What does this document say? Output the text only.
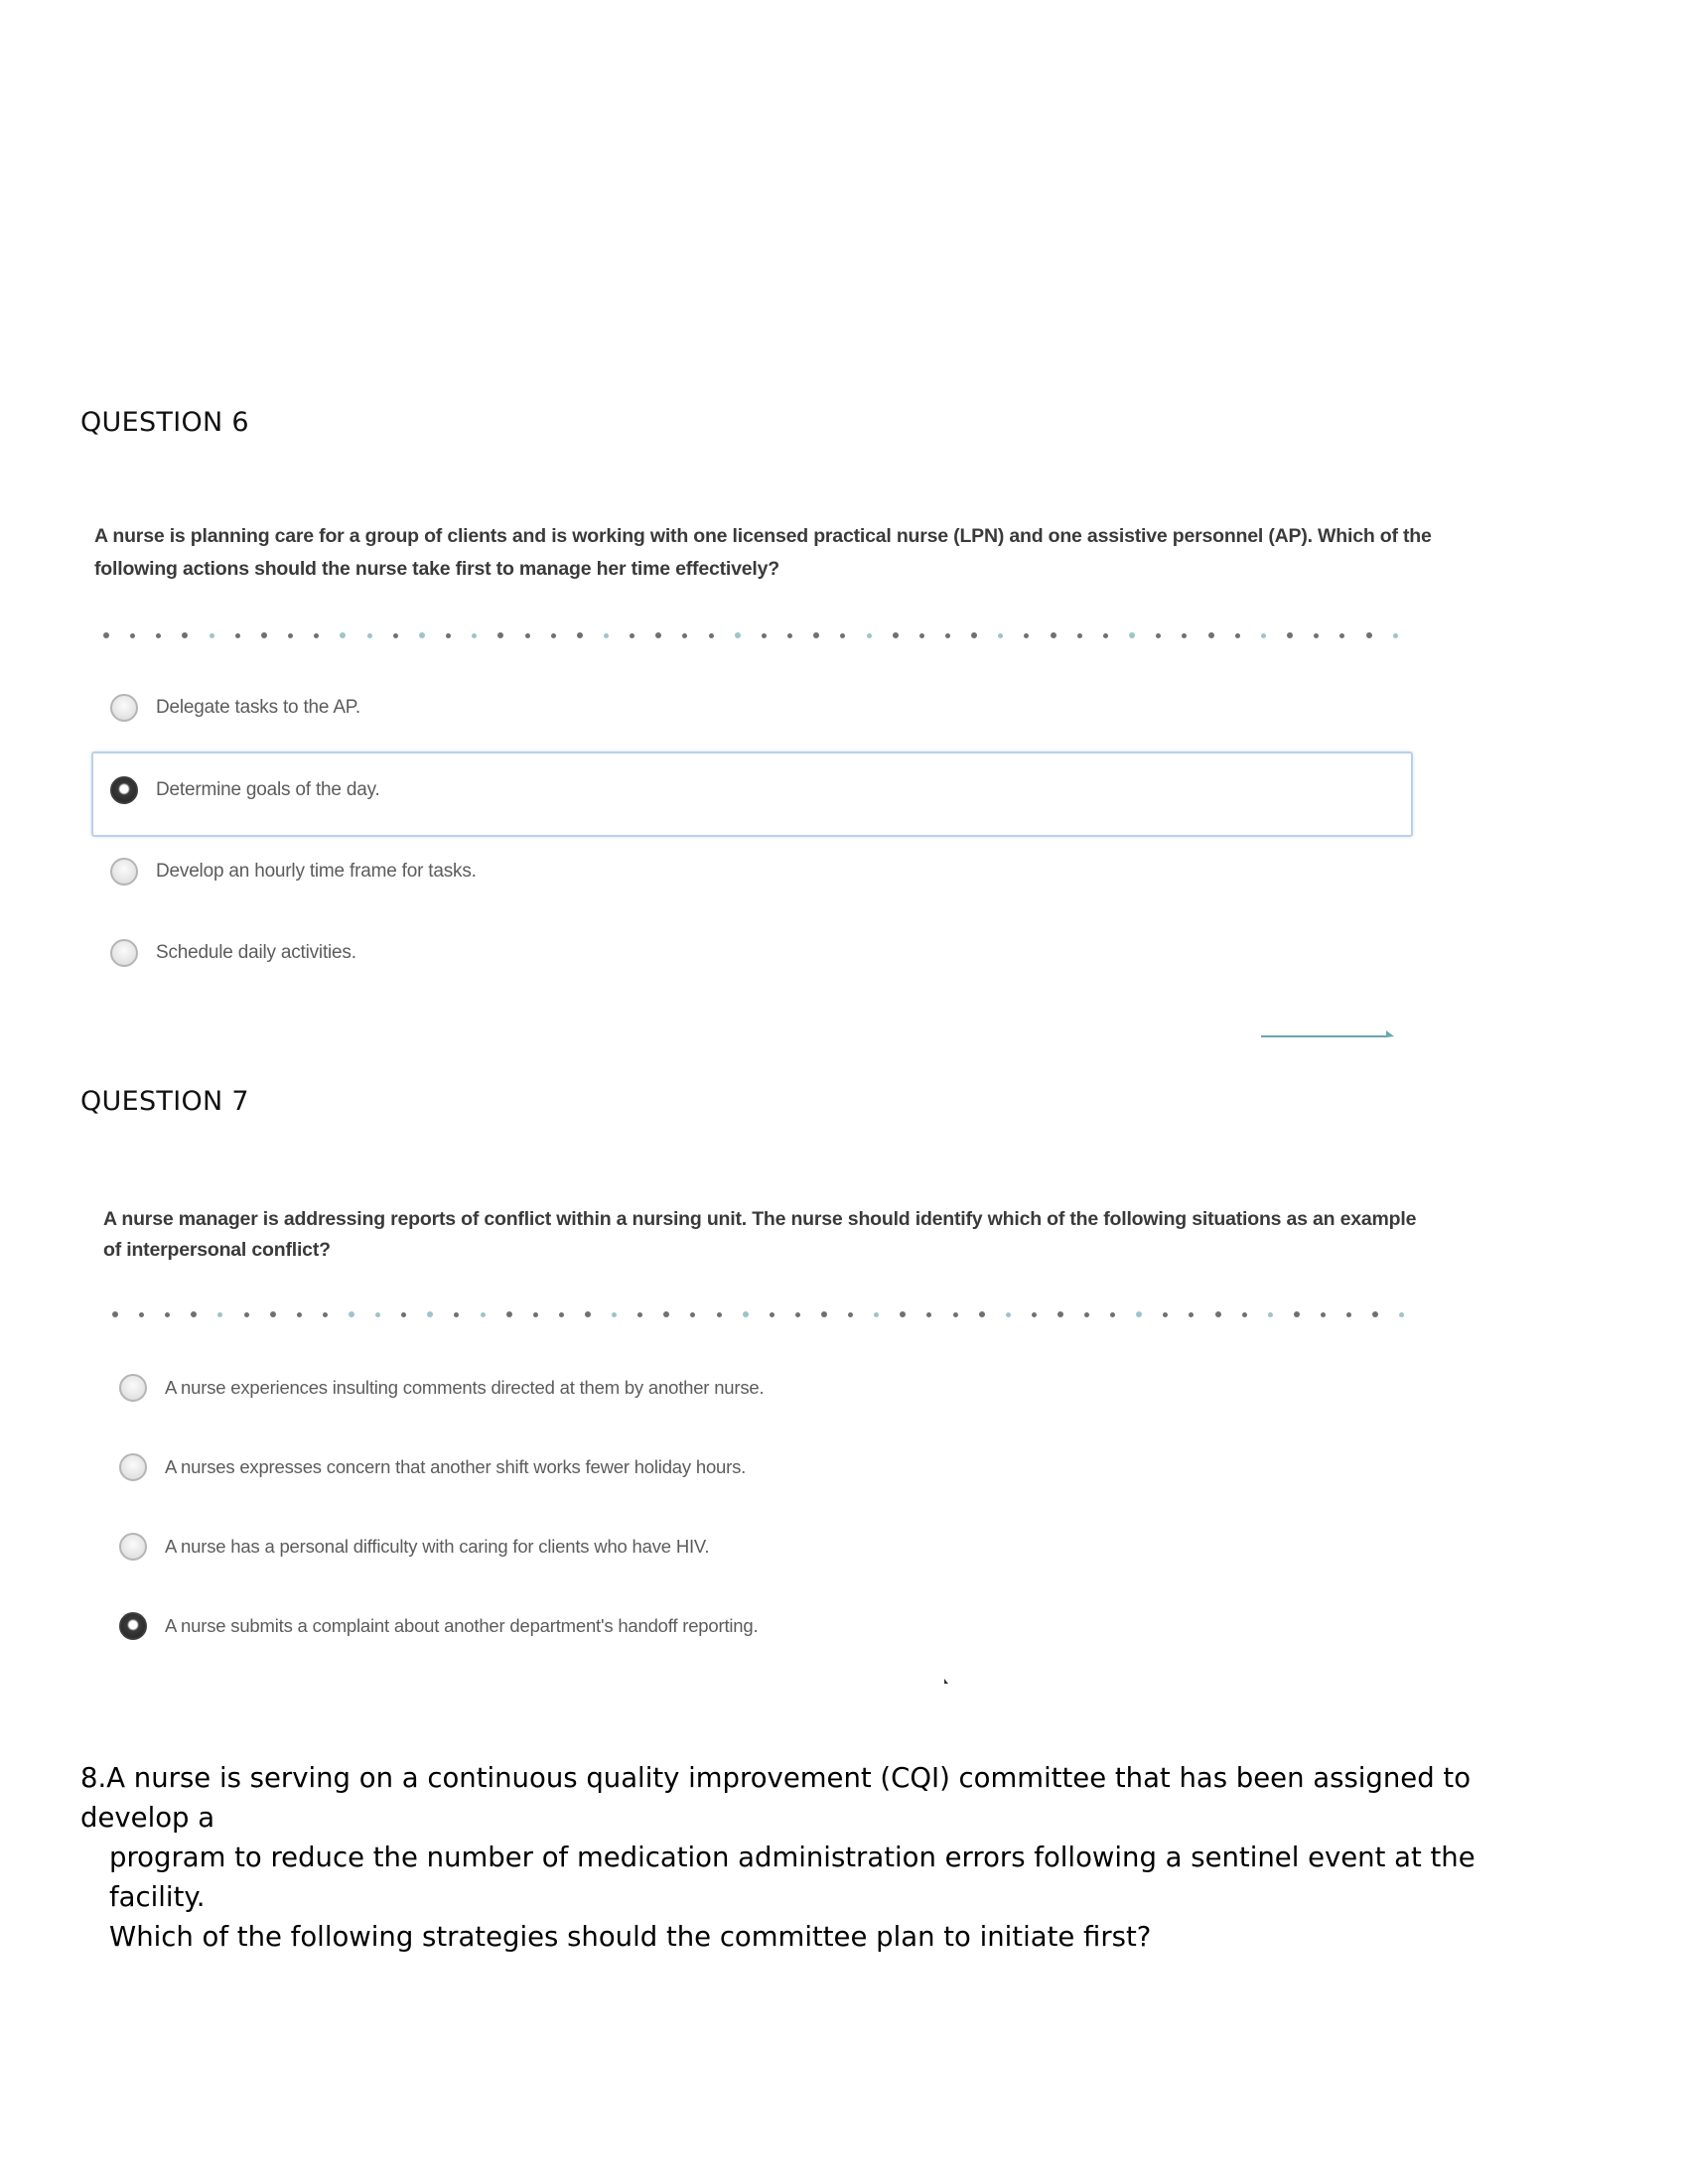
QUESTION 6
A nurse is planning care for a group of clients and is working with one licensed practical nurse (LPN) and one assistive personnel (AP). Which of the
following actions should the nurse take first to manage her time effectively?
Delegate tasks to the AP.
Determine goals of the day.
Develop an hourly time frame for tasks.
Schedule daily activities.
QUESTION 7
A nurse manager is addressing reports of conflict within a nursing unit. The nurse should identify which of the following situations as an example
of interpersonal conflict?
A nurse experiences insulting comments directed at them by another nurse.
A nurses expresses concern that another shift works fewer holiday hours.
A nurse has a personal difficulty with caring for clients who have HIV.
A nurse submits a complaint about another department's handoff reporting.
8.A nurse is serving on a continuous quality improvement (CQI) committee that has been assigned to develop a
program to reduce the number of medication administration errors following a sentinel event at the facility.
Which of the following strategies should the committee plan to initiate first?
